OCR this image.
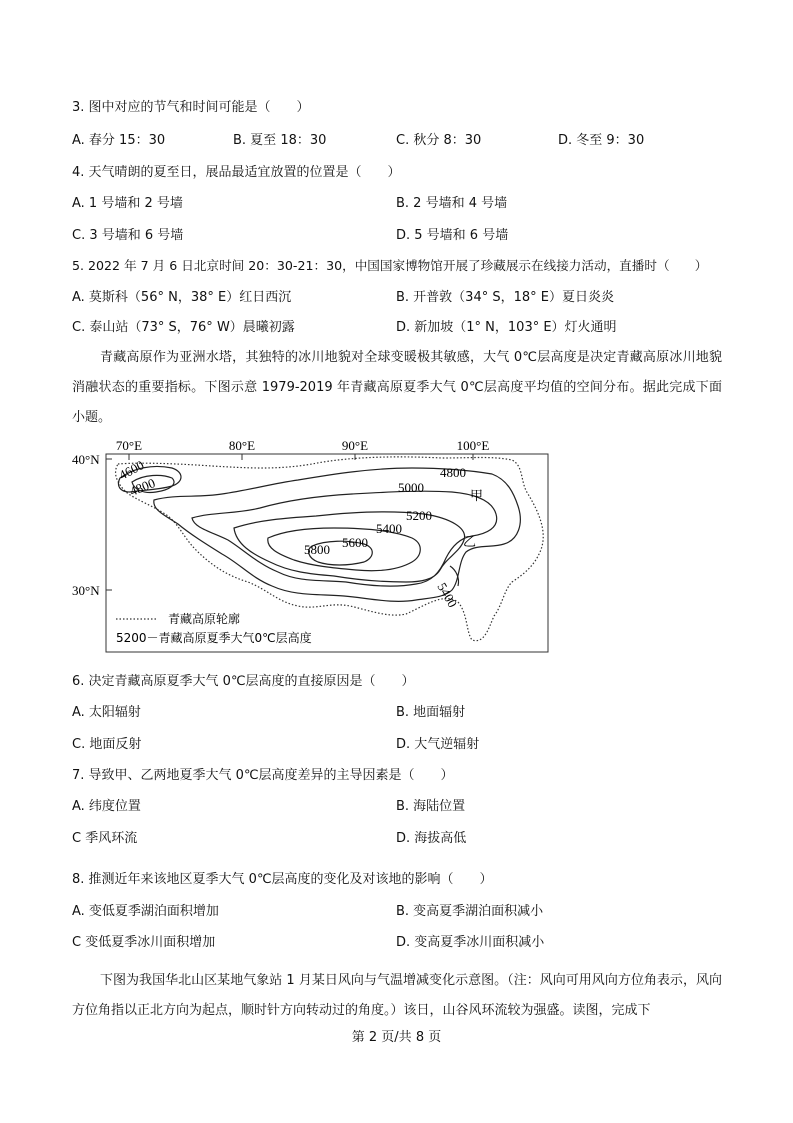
3. 图中对应的节气和时间可能是（　　）
A. 春分 15：30	B. 夏至 18：30	C. 秋分 8：30	D. 冬至 9：30
4. 天气晴朗的夏至日，展品最适宜放置的位置是（　　）
A. 1 号墙和 2 号墙	B. 2 号墙和 4 号墙
C. 3 号墙和 6 号墙	D. 5 号墙和 6 号墙
5. 2022 年 7 月 6 日北京时间 20：30-21：30，中国国家博物馆开展了珍藏展示在线接力活动，直播时（　　）
A. 莫斯科（56° N，38° E）红日西沉	B. 开普敦（34° S，18° E）夏日炎炎
C. 泰山站（73° S，76° W）晨曦初露	D. 新加坡（1° N，103° E）灯火通明
青藏高原作为亚洲水塔，其独特的冰川地貌对全球变暖极其敏感，大气 0℃层高度是决定青藏高原冰川地貌消融状态的重要指标。下图示意 1979-2019 年青藏高原夏季大气 0℃层高度平均值的空间分布。据此完成下面小题。
70°E	80°E	90°E	100°E
40°N
30°N
4600
4800
4800
5000
5200
5400
5600
5800
5400
甲
乙
青藏高原轮廓
5200－青藏高原夏季大气0℃层高度
6. 决定青藏高原夏季大气 0℃层高度的直接原因是（　　）
A. 太阳辐射	B. 地面辐射
C. 地面反射	D. 大气逆辐射
7. 导致甲、乙两地夏季大气 0℃层高度差异的主导因素是（　　）
A. 纬度位置	B. 海陆位置
C 季风环流	D. 海拔高低
8. 推测近年来该地区夏季大气 0℃层高度的变化及对该地的影响（　　）
A. 变低夏季湖泊面积增加	B. 变高夏季湖泊面积减小
C 变低夏季冰川面积增加	D. 变高夏季冰川面积减小
下图为我国华北山区某地气象站 1 月某日风向与气温增减变化示意图。（注：风向可用风向方位角表示，风向方位角指以正北方向为起点，顺时针方向转动过的角度。）该日，山谷风环流较为强盛。读图，完成下
第 2 页/共 8 页
